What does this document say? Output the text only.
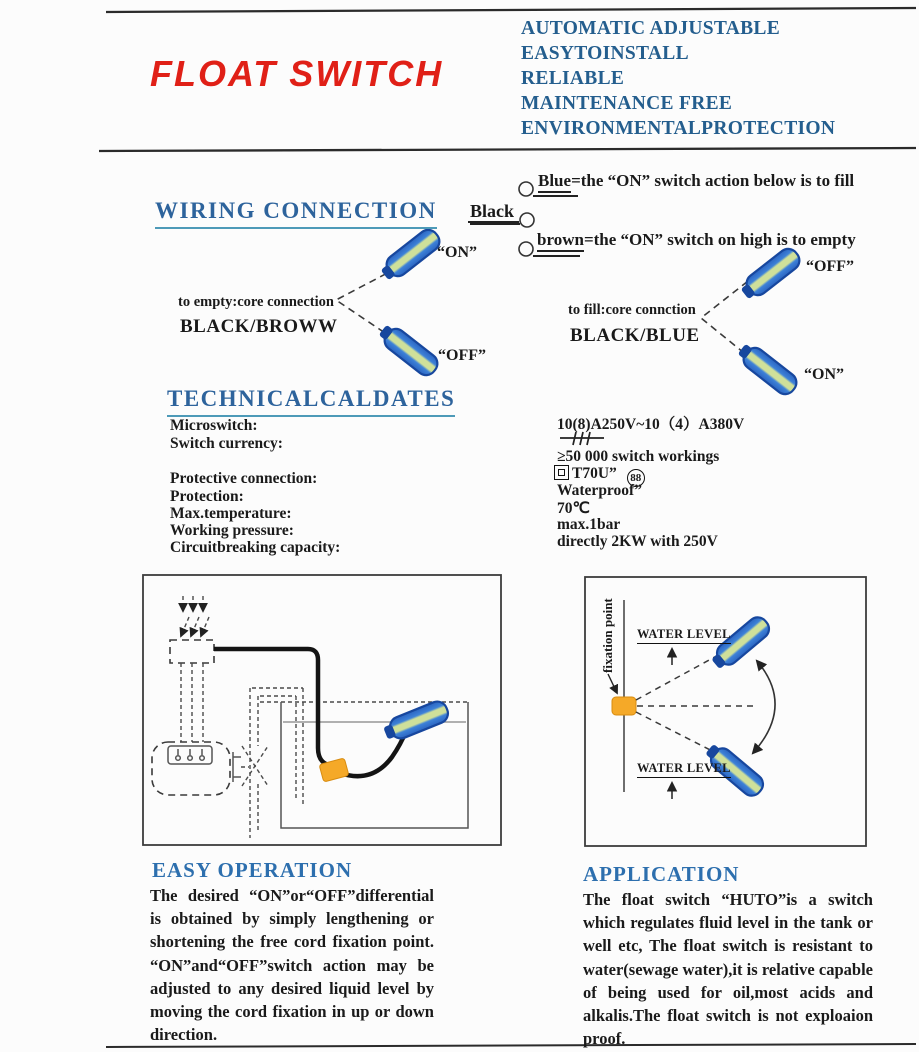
FLOAT SWITCH
AUTOMATIC ADJUSTABLE
EASYTOINSTALL
RELIABLE
MAINTENANCE FREE
ENVIRONMENTALPROTECTION
Blue=the “ON” switch action below is to fill
Black
brown=the “ON” switch on high is to empty
WIRING CONNECTION
“ON”
to empty:core connection
BLACK/BROWW
“OFF”
“OFF”
to fill:core connction
BLACK/BLUE
“ON”
TECHNICALCALDATES
Microswitch:
Switch currency:
Protective connection:
Protection:
Max.temperature:
Working pressure:
Circuitbreaking capacity:
10(8)A250V~10（4）A380V
≥50 000 switch workings
T70U” 88
Waterproof”
70℃
max.1bar
directly 2KW with 250V
fixation point WATER LEVEL
WATER LEVEL
EASY OPERATION
The desired “ON”or“OFF”differential is obtained by simply lengthening or shortening the free cord fixation point. “ON”and“OFF”switch action may be adjusted to any desired liquid level by moving the cord fixation in up or down direction.
APPLICATION
The float switch “HUTO”is a switch which regulates fluid level in the tank or well etc, The float switch is resistant to water(sewage water),it is relative capable of being used for oil,most acids and alkalis.The float switch is not exploaion proof.
